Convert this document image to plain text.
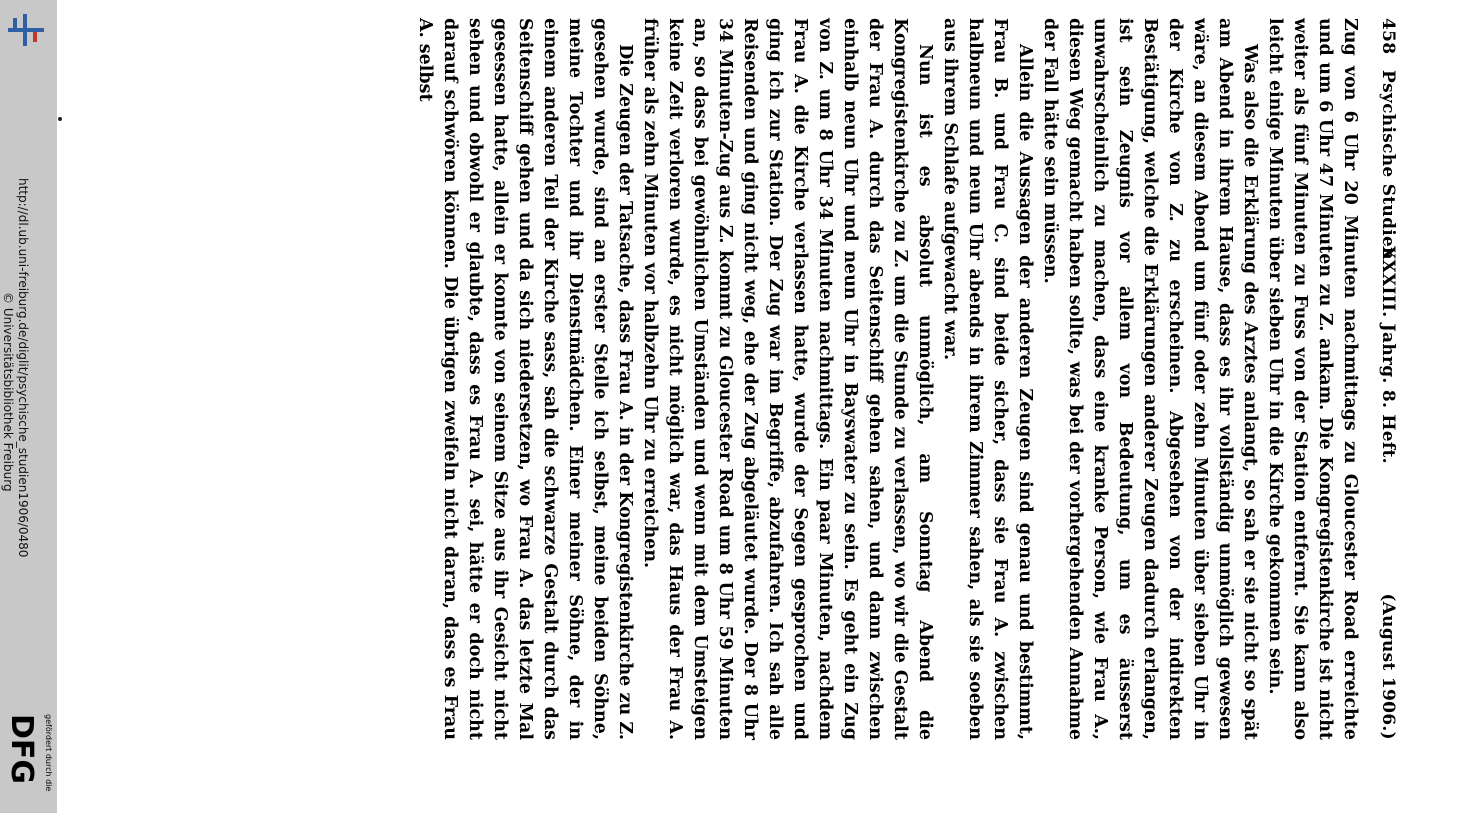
http://dl.ub.uni-freiburg.de/diglit/psychische_studien1906/0480
© Universitätsbibliothek Freiburg
gefördert durch die
DFG
458
Psychische Studien
XXXIII. Jahrg. 8. Heft.
(August 1906.)

Zug von 6 Uhr 20 Minuten nachmittags zu Gloucester Road erreichte und um 6 Uhr 47 Minuten zu Z. ankam. Die Kongregistenkirche ist nicht weiter als fünf Minuten zu Fuss von der Station entfernt. Sie kann also leicht einige Minuten über sieben Uhr in die Kirche gekommen sein.

Was also die Erklärung des Arztes anlangt, so sah er sie nicht so spät am Abend in ihrem Hause, dass es ihr vollständig unmöglich gewesen wäre, an diesem Abend um fünf oder zehn Minuten über sieben Uhr in der Kirche von Z. zu erscheinen. Abgesehen von der indirekten Bestätigung, welche die Erklärungen anderer Zeugen dadurch erlangen, ist sein Zeugnis vor allem von Bedeutung, um es äusserst unwahrscheinlich zu machen, dass eine kranke Person, wie Frau A., diesen Weg gemacht haben sollte, was bei der vorhergehenden Annahme der Fall hätte sein müssen.

Allein die Aussagen der anderen Zeugen sind genau und bestimmt, Frau B. und Frau C. sind beide sicher, dass sie Frau A. zwischen halbneun und neun Uhr abends in ihrem Zimmer sahen, als sie soeben aus ihrem Schlafe aufgewacht war.

Nun ist es absolut unmöglich, am Sonntag Abend die Kongregistenkirche zu Z. um die Stunde zu verlassen, wo wir die Gestalt der Frau A. durch das Seitenschiff gehen sahen, und dann zwischen einhalb neun Uhr und neun Uhr in Bayswater zu sein. Es geht ein Zug von Z. um 8 Uhr 34 Minuten nachmittags. Ein paar Minuten, nachdem Frau A. die Kirche verlassen hatte, wurde der Segen gesprochen und ging ich zur Station. Der Zug war im Begriffe, abzufahren. Ich sah alle Reisenden und ging nicht weg, ehe der Zug abgeläutet wurde. Der 8 Uhr 34 Minuten-Zug aus Z. kommt zu Gloucester Road um 8 Uhr 59 Minuten an, so dass bei gewöhnlichen Umständen und wenn mit dem Umsteigen keine Zeit verloren wurde, es nicht möglich war, das Haus der Frau A. früher als zehn Minuten vor halbzehn Uhr zu erreichen.

Die Zeugen der Tatsache, dass Frau A. in der Kongregistenkirche zu Z. gesehen wurde, sind an erster Stelle ich selbst, meine beiden Söhne, meine Tochter und ihr Dienstmädchen. Einer meiner Söhne, der in einem anderen Teil der Kirche sass, sah die schwarze Gestalt durch das Seitenschiff gehen und da sich niedersetzen, wo Frau A. das letzte Mal gesessen hatte, allein er konnte von seinem Sitze aus ihr Gesicht nicht sehen und obwohl er glaubte, dass es Frau A. sei, hätte er doch nicht darauf schwören können. Die übrigen zweifeln nicht daran, dass es Frau A. selbst
